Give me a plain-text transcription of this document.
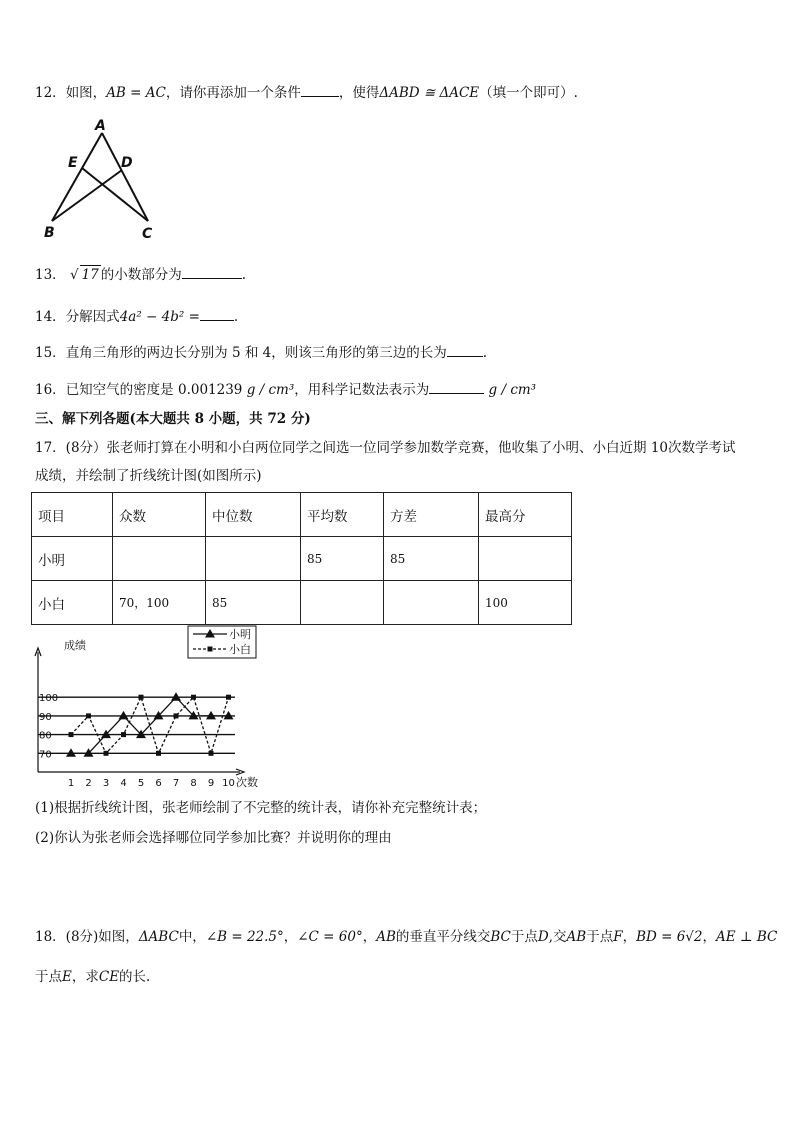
12．如图，AB = AC，请你再添加一个条件	，使得ΔABD ≅ ΔACE（填一个即可）.
A
E	D
B	C
13． √ 17 的小数部分为	.
14．分解因式4a² − 4b² =	.
15．直角三角形的两边长分别为 5 和 4，则该三角形的第三边的长为	.
16．已知空气的密度是 0.001239 g / cm³，用科学记数法表示为	g / cm³
三、解下列各题(本大题共 8 小题，共 72 分)
17．(8分）张老师打算在小明和小白两位同学之间选一位同学参加数学竞赛，他收集了小明、小白近期 10次数学考试
成绩，并绘制了折线统计图(如图所示)
项目	众数	中位数	平均数	方差	最高分
小明			85	85	
小白	70，100	85			100
70
80
90
100
1 2 3 4 5 6 7 8 9 10
成绩
次数
小明
小白
(1)根据折线统计图，张老师绘制了不完整的统计表，请你补充完整统计表；
(2)你认为张老师会选择哪位同学参加比赛？并说明你的理由
18．(8分)如图，ΔABC中，∠B = 22.5°，∠C = 60°，AB的垂直平分线交BC于点D,交AB于点F，BD = 6√2，AE ⊥ BC
于点E，求CE的长.
